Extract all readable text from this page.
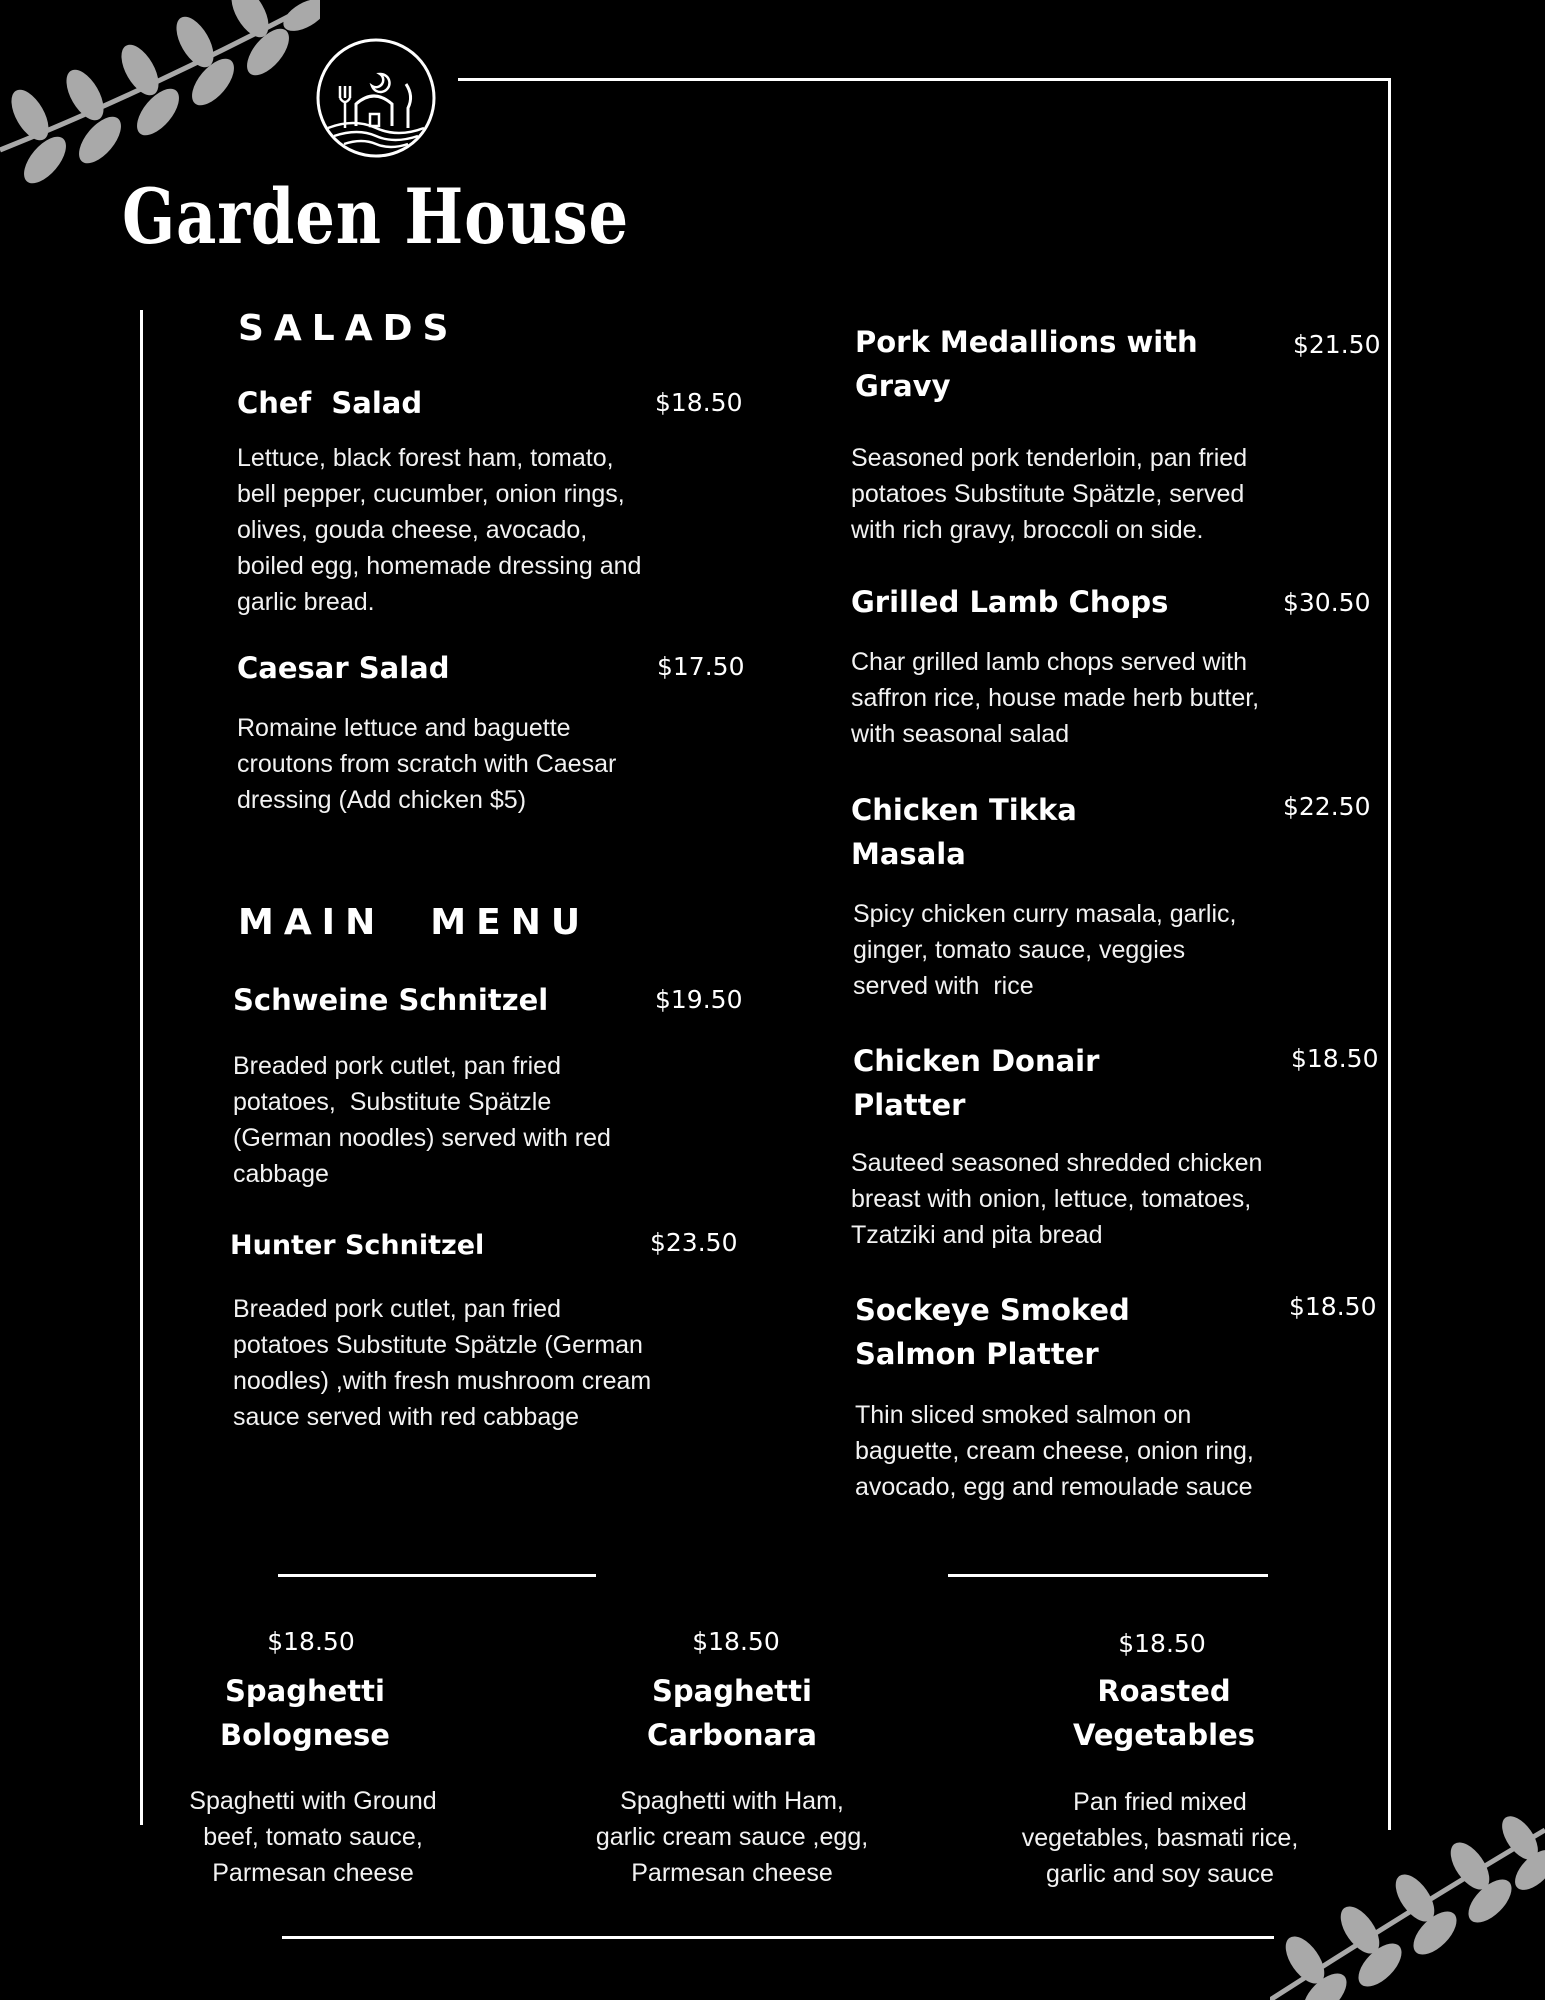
Garden House
SALADS
Chef  Salad	$18.50
Lettuce, black forest ham, tomato, bell pepper, cucumber, onion rings, olives, gouda cheese, avocado, boiled egg, homemade dressing and garlic bread.
Caesar Salad	$17.50
Romaine lettuce and baguette croutons from scratch with Caesar dressing (Add chicken $5)
MAIN  MENU
Schweine Schnitzel	$19.50
Breaded pork cutlet, pan fried potatoes,  Substitute Spätzle (German noodles) served with red cabbage
Hunter Schnitzel	$23.50
Breaded pork cutlet, pan fried potatoes Substitute Spätzle (German noodles) ,with fresh mushroom cream sauce served with red cabbage
Pork Medallions with Gravy
$21.50
Seasoned pork tenderloin, pan fried potatoes Substitute Spätzle, served with rich gravy, broccoli on side.
Grilled Lamb Chops	$30.50
Char grilled lamb chops served with saffron rice, house made herb butter, with seasonal salad
Chicken Tikka Masala
$22.50
Spicy chicken curry masala, garlic, ginger, tomato sauce, veggies served with  rice
Chicken Donair Platter
$18.50
Sauteed seasoned shredded chicken breast with onion, lettuce, tomatoes, Tzatziki and pita bread
Sockeye Smoked Salmon Platter
$18.50
Thin sliced smoked salmon on baguette, cream cheese, onion ring, avocado, egg and remoulade sauce
$18.50
Spaghetti Bolognese
Spaghetti with Ground beef, tomato sauce, Parmesan cheese
$18.50
Spaghetti Carbonara
Spaghetti with Ham, garlic cream sauce ,egg, Parmesan cheese
$18.50
Roasted Vegetables
Pan fried mixed vegetables, basmati rice, garlic and soy sauce
